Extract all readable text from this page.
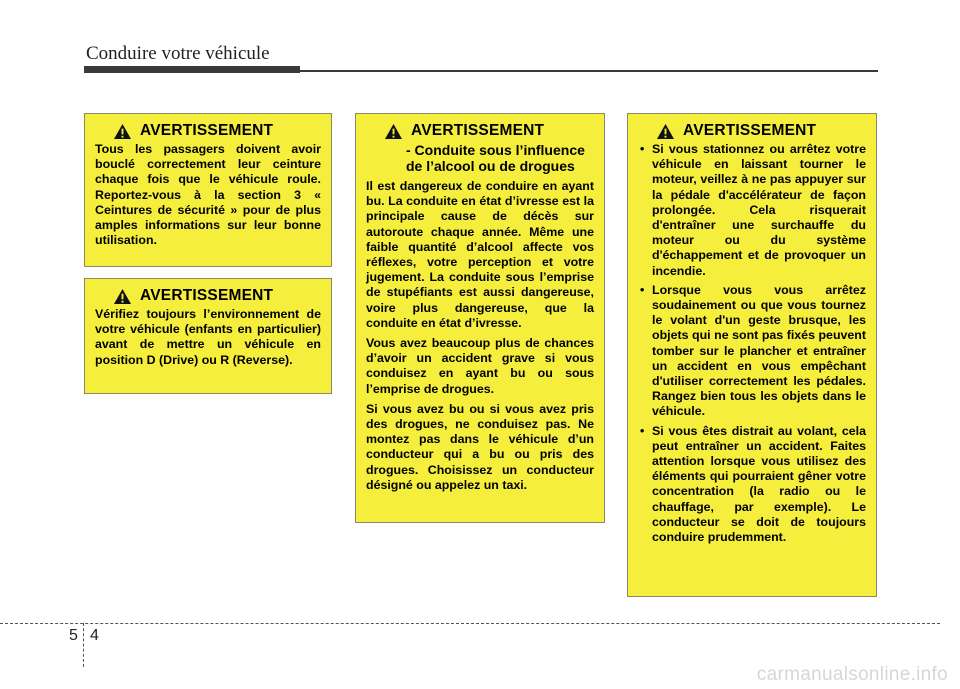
Conduire votre véhicule
AVERTISSEMENT

Tous les passagers doivent avoir bouclé correctement leur ceinture chaque fois que le véhicule roule. Reportez-vous à la section 3 « Ceintures de sécurité » pour de plus amples informations sur leur bonne utilisation.

AVERTISSEMENT

Vérifiez toujours l’environnement de votre véhicule (enfants en particulier) avant de mettre un véhicule en position D (Drive) ou R (Reverse).

AVERTISSEMENT
- Conduite sous l’influence de l’alcool ou de drogues

Il est dangereux de conduire en ayant bu. La conduite en état d’ivresse est la principale cause de décès sur autoroute chaque année. Même une faible quantité d’alcool affecte vos réflexes, votre perception et votre jugement. La conduite sous l’emprise de stupéfiants est aussi dangereuse, voire plus dangereuse, que la conduite en état d’ivresse.

Vous avez beaucoup plus de chances d’avoir un accident grave si vous conduisez en ayant bu ou sous l’emprise de drogues.

Si vous avez bu ou si vous avez pris des drogues, ne conduisez pas. Ne montez pas dans le véhicule d’un conducteur qui a bu ou pris des drogues. Choisissez un conducteur désigné ou appelez un taxi.

AVERTISSEMENT
• Si vous stationnez ou arrêtez votre véhicule en laissant tourner le moteur, veillez à ne pas appuyer sur la pédale d'accélérateur de façon prolongée. Cela risquerait d'entraîner une surchauffe du moteur ou du système d'échappement et de provoquer un incendie.
• Lorsque vous vous arrêtez soudainement ou que vous tournez le volant d'un geste brusque, les objets qui ne sont pas fixés peuvent tomber sur le plancher et entraîner un accident en vous empêchant d'utiliser correctement les pédales. Rangez bien tous les objets dans le véhicule.
• Si vous êtes distrait au volant, cela peut entraîner un accident. Faites attention lorsque vous utilisez des éléments qui pourraient gêner votre concentration (la radio ou le chauffage, par exemple). Le conducteur se doit de toujours conduire prudemment.
5 4
carmanualsonline.info
